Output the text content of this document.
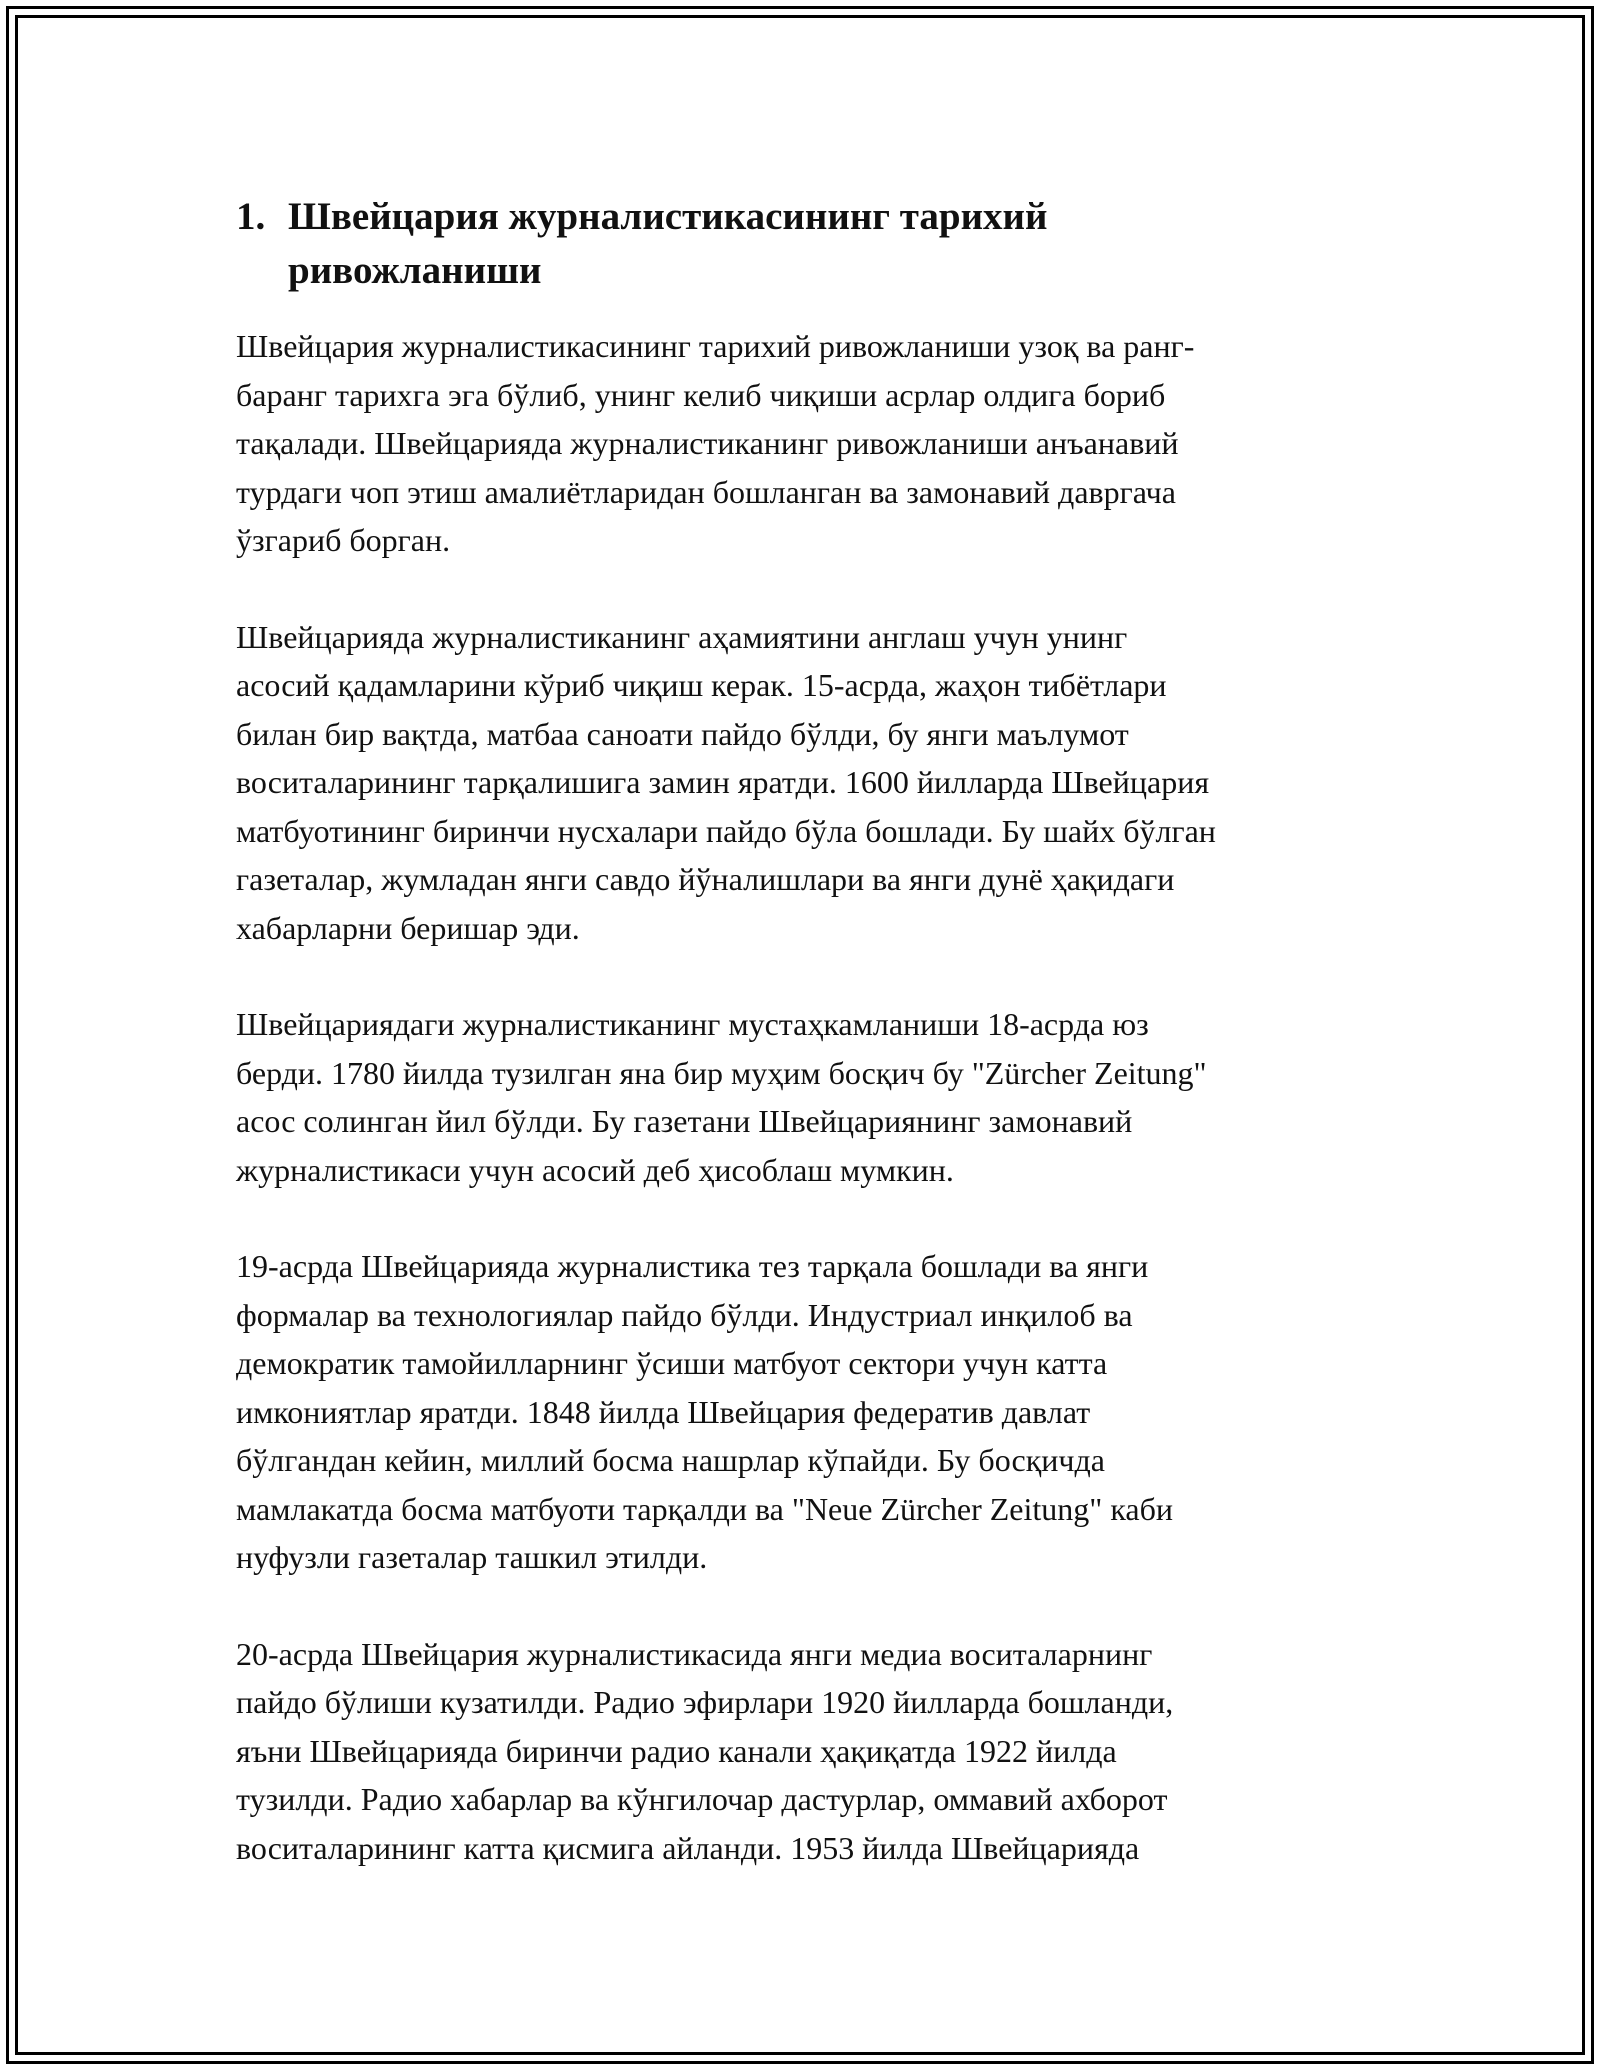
1. Швейцария журналистикасининг тарихий
ривожланиши

Швейцария журналистикасининг тарихий ривожланиши узоқ ва ранг-
баранг тарихга эга бўлиб, унинг келиб чиқиши асрлар олдига бориб
тақалади. Швейцарияда журналистиканинг ривожланиши анъанавий
турдаги чоп этиш амалиётларидан бошланган ва замонавий давргача
ўзгариб борган.

Швейцарияда журналистиканинг аҳамиятини англаш учун унинг
асосий қадамларини кўриб чиқиш керак. 15-асрда, жаҳон тибётлари
билан бир вақтда, матбаа саноати пайдо бўлди, бу янги маълумот
воситаларининг тарқалишига замин яратди. 1600 йилларда Швейцария
матбуотининг биринчи нусхалари пайдо бўла бошлади. Бу шайх бўлган
газеталар, жумладан янги савдо йўналишлари ва янги дунё ҳақидаги
хабарларни беришар эди.

Швейцариядаги журналистиканинг мустаҳкамланиши 18-асрда юз
берди. 1780 йилда тузилган яна бир муҳим босқич бу "Zürcher Zeitung"
асос солинган йил бўлди. Бу газетани Швейцариянинг замонавий
журналистикаси учун асосий деб ҳисоблаш мумкин.

19-асрда Швейцарияда журналистика тез тарқала бошлади ва янги
формалар ва технологиялар пайдо бўлди. Индустриал инқилоб ва
демократик тамойилларнинг ўсиши матбуот сектори учун катта
имкониятлар яратди. 1848 йилда Швейцария федератив давлат
бўлгандан кейин, миллий босма нашрлар кўпайди. Бу босқичда
мамлакатда босма матбуоти тарқалди ва "Neue Zürcher Zeitung" каби
нуфузли газеталар ташкил этилди.

20-асрда Швейцария журналистикасида янги медиа воситаларнинг
пайдо бўлиши кузатилди. Радио эфирлари 1920 йилларда бошланди,
яъни Швейцарияда биринчи радио канали ҳақиқатда 1922 йилда
тузилди. Радио хабарлар ва кўнгилочар дастурлар, оммавий ахборот
воситаларининг катта қисмига айланди. 1953 йилда Швейцарияда
